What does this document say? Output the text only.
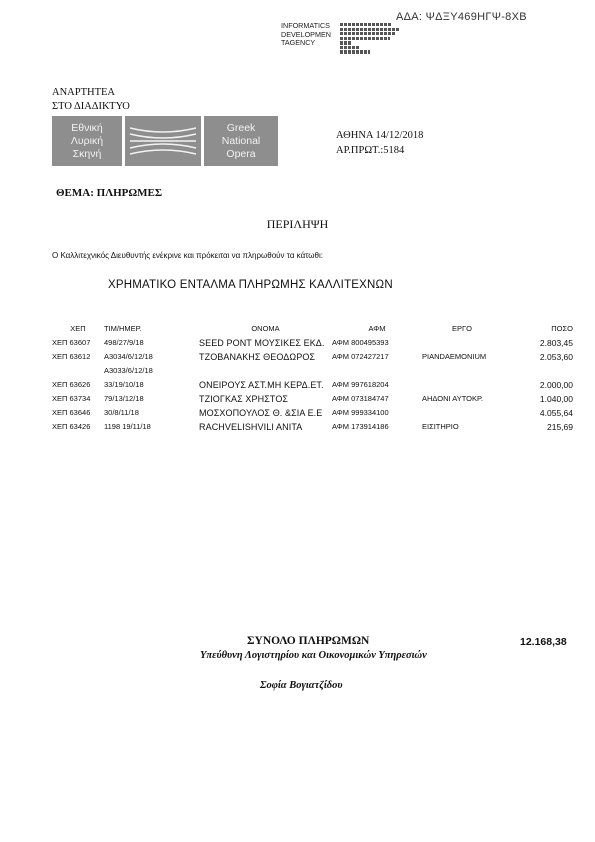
ΑΔΑ: ΨΔΞΥ469ΗΓΨ-8ΧΒ
INFORMATICS DEVELOPMEN TAGENCY
ΑΝΑΡΤΗΤΕΑ
ΣΤΟ ΔΙΑΔΙΚΤΥΟ
Εθνική
Λυρική
Σκηνή
Greek
National
Opera
ΑΘΗΝΑ 14/12/2018
ΑΡ.ΠΡΩΤ.:5184
ΘΕΜΑ: ΠΛΗΡΩΜΕΣ
ΠΕΡΙΛΗΨΗ
Ο Καλλιτεχνικός Διευθυντής ενέκρινε και πρόκειται να πληρωθούν τα κάτωθι:
ΧΡΗΜΑΤΙΚΟ ΕΝΤΑΛΜΑ ΠΛΗΡΩΜΗΣ ΚΑΛΛΙΤΕΧΝΩΝ
ΧΕΠ	ΤΙΜ/ΗΜΕΡ.	ΟΝΟΜΑ	ΑΦΜ	ΕΡΓΟ	ΠΟΣΟ
ΧΕΠ 63607	498/27/9/18	SEED PONT ΜΟΥΣΙΚΕΣ ΕΚΔ.	ΑΦΜ 800495393		2.803,45
ΧΕΠ 63612	Α3034/6/12/18	ΤΖΟΒΑΝΑΚΗΣ ΘΕΟΔΩΡΟΣ	ΑΦΜ 072427217	PIANDAEMONIUM	2.053,60
	Α3033/6/12/18				
ΧΕΠ 63626	33/19/10/18	ΟΝΕΙΡΟΥΣ ΑΣΤ.ΜΗ ΚΕΡΔ.ΕΤ.	ΑΦΜ 997618204		2.000,00
ΧΕΠ 63734	79/13/12/18	ΤΖΙΟΓΚΑΣ ΧΡΗΣΤΟΣ	ΑΦΜ 073184747	ΑΗΔΟΝΙ ΑΥΤΟΚΡ.	1.040,00
ΧΕΠ 63646	30/8/11/18	ΜΟΣΧΟΠΟΥΛΟΣ Θ. &ΣΙΑ Ε.Ε	ΑΦΜ 999334100		4.055,64
ΧΕΠ 63426	1198 19/11/18	RACHVELISHVILI ANITA	ΑΦΜ 173914186	ΕΙΣΙΤΗΡΙΟ	215,69
ΣΥΝΟΛΟ ΠΛΗΡΩΜΩΝ	12.168,38
Υπεύθυνη Λογιστηρίου και Οικονομικών Υπηρεσιών
Σοφία Βογιατζίδου
